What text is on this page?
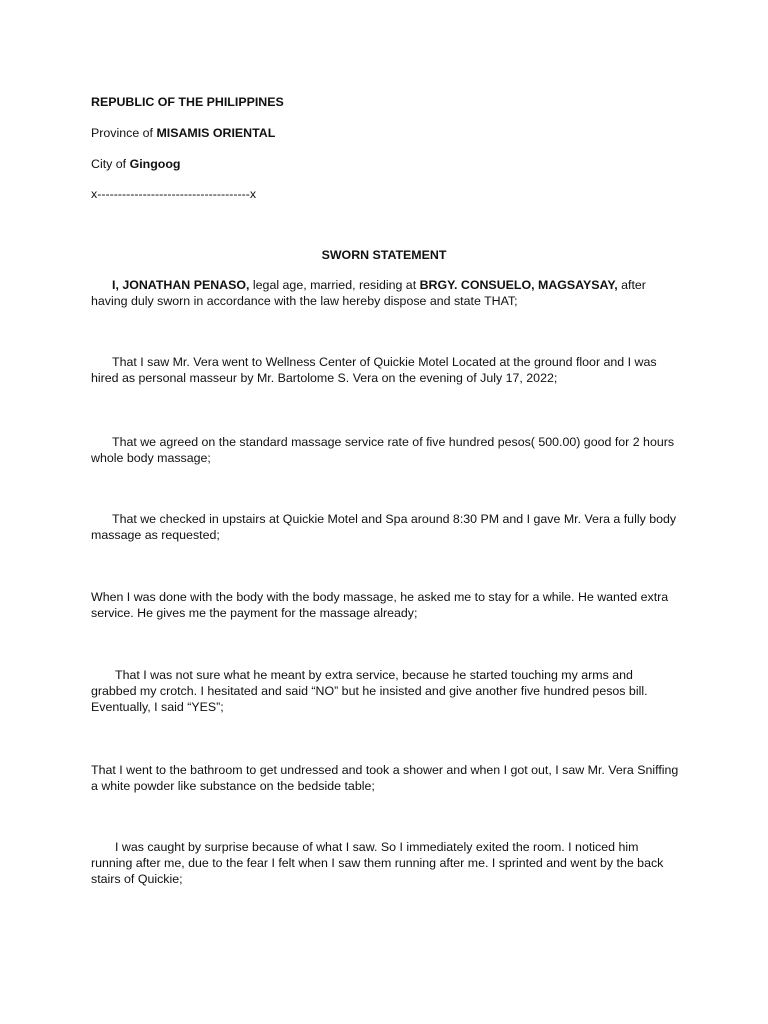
REPUBLIC OF THE PHILIPPINES
Province of MISAMIS ORIENTAL
City of Gingoog
x-------------------------------------x
SWORN STATEMENT
I, JONATHAN PENASO, legal age, married, residing at BRGY. CONSUELO, MAGSAYSAY, after having duly sworn in accordance with the law hereby dispose and state THAT;
That I saw Mr. Vera went to Wellness Center of Quickie Motel Located at the ground floor and I was hired as personal masseur by Mr. Bartolome S. Vera on the evening of July 17, 2022;
That we agreed on the standard massage service rate of five hundred pesos( 500.00) good for 2 hours whole body massage;
That we checked in upstairs at Quickie Motel and Spa around 8:30 PM and I gave Mr. Vera a fully body massage as requested;
When I was done with the body with the body massage, he asked me to stay for a while. He wanted extra service. He gives me the payment for the massage already;
That I was not sure what he meant by extra service, because he started touching my arms and grabbed my crotch. I hesitated and said “NO” but he insisted and give another five hundred pesos bill. Eventually, I said “YES”;
That I went to the bathroom to get undressed and took a shower and when I got out, I saw Mr. Vera Sniffing a white powder like substance on the bedside table;
I was caught by surprise because of what I saw. So I immediately exited the room. I noticed him running after me, due to the fear I felt when I saw them running after me. I sprinted and went by the back stairs of Quickie;
